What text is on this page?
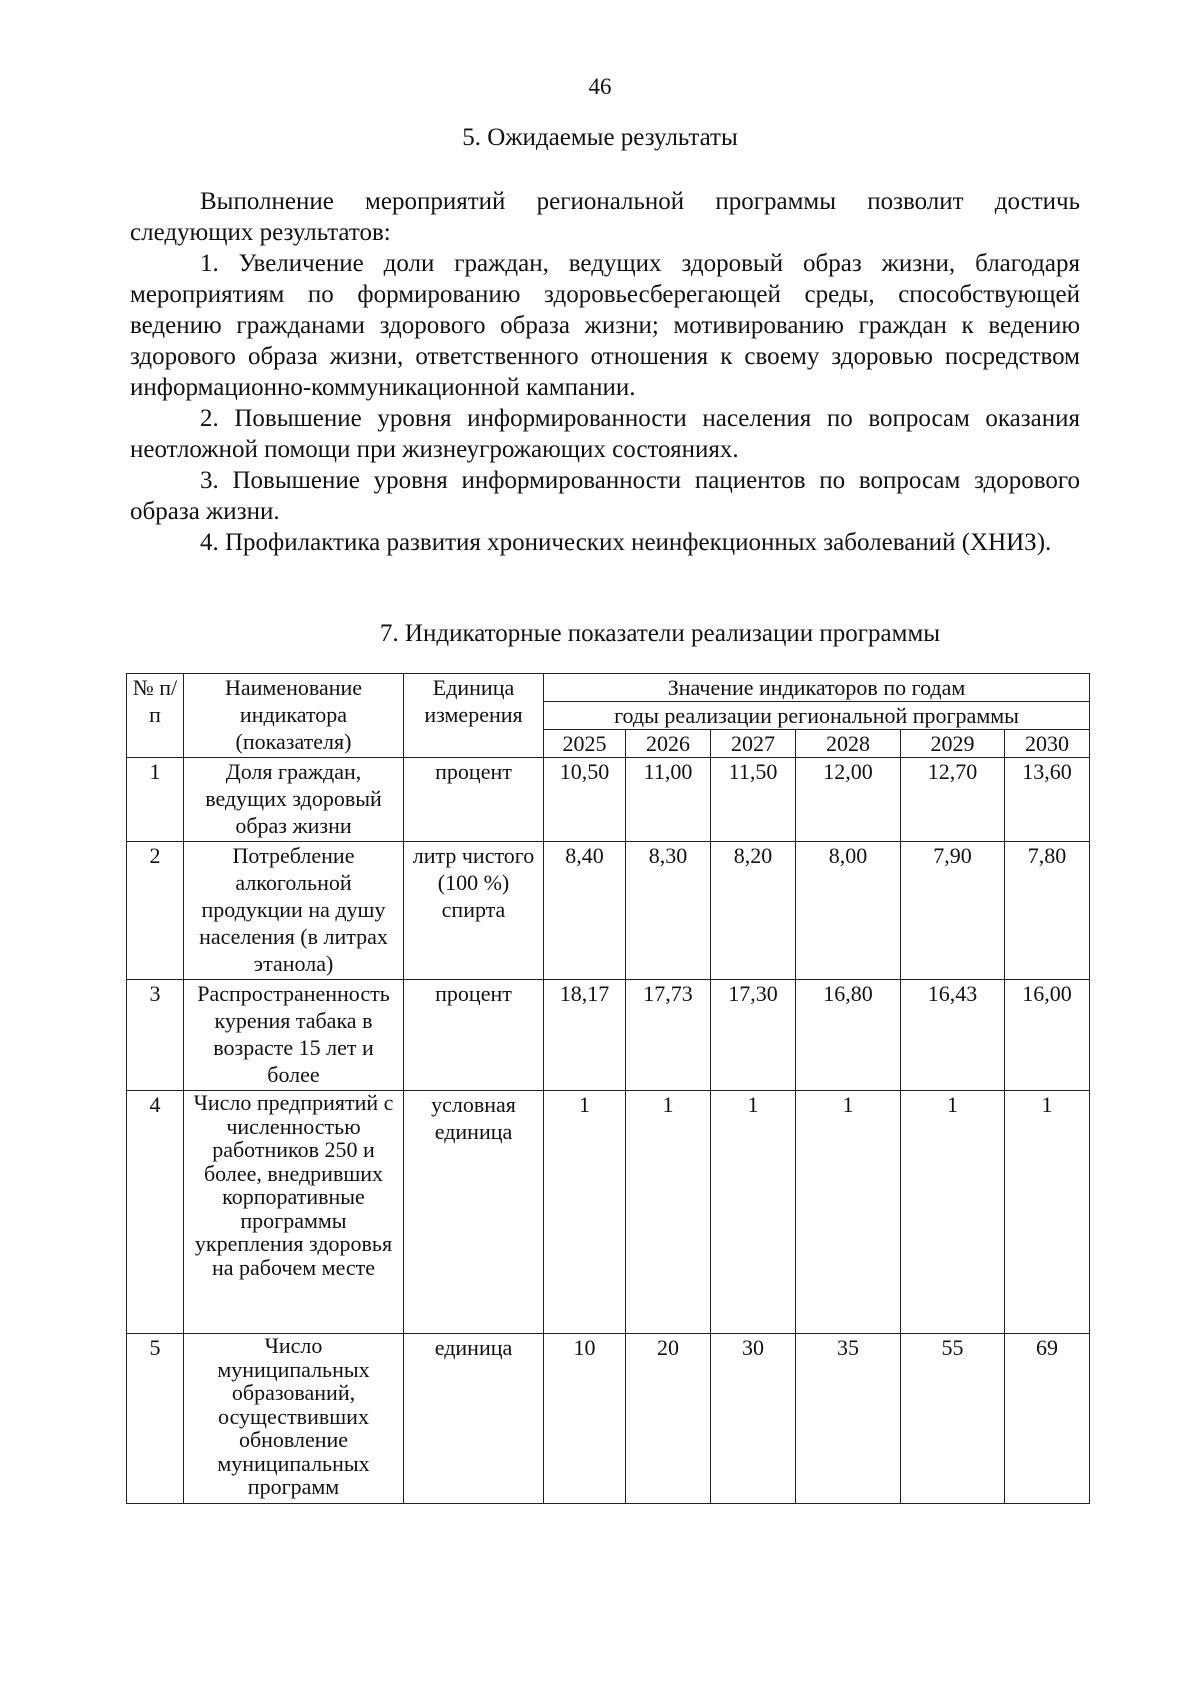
46
5. Ожидаемые результаты

Выполнение мероприятий региональной программы позволит достичь следующих результатов:

1. Увеличение доли граждан, ведущих здоровый образ жизни, благодаря мероприятиям по формированию здоровьесберегающей среды, способствующей ведению гражданами здорового образа жизни; мотивированию граждан к ведению здорового образа жизни, ответственного отношения к своему здоровью посредством информационно-коммуникационной кампании.

2. Повышение уровня информированности населения по вопросам оказания неотложной помощи при жизнеугрожающих состояниях.

3. Повышение уровня информированности пациентов по вопросам здорового образа жизни.

4. Профилактика развития хронических неинфекционных заболеваний (ХНИЗ).

7. Индикаторные показатели реализации программы
№ п/п	Наименование индикатора (показателя)	Единица измерения	Значение индикаторов по годам					
			годы реализации региональной программы					
			2025	2026	2027	2028	2029	2030
1	Доля граждан, ведущих здоровый образ жизни	процент	10,50	11,00	11,50	12,00	12,70	13,60
2	Потребление алкогольной продукции на душу населения (в литрах этанола)	литр чистого (100 %) спирта	8,40	8,30	8,20	8,00	7,90	7,80
3	Распространенность курения табака в возрасте 15 лет и более	процент	18,17	17,73	17,30	16,80	16,43	16,00
4	Число предприятий с численностью работников 250 и более, внедривших корпоративные программы укрепления здоровья на рабочем месте	условная единица	1	1	1	1	1	1
5	Число муниципальных образований, осуществивших обновление муниципальных программ	единица	10	20	30	35	55	69
